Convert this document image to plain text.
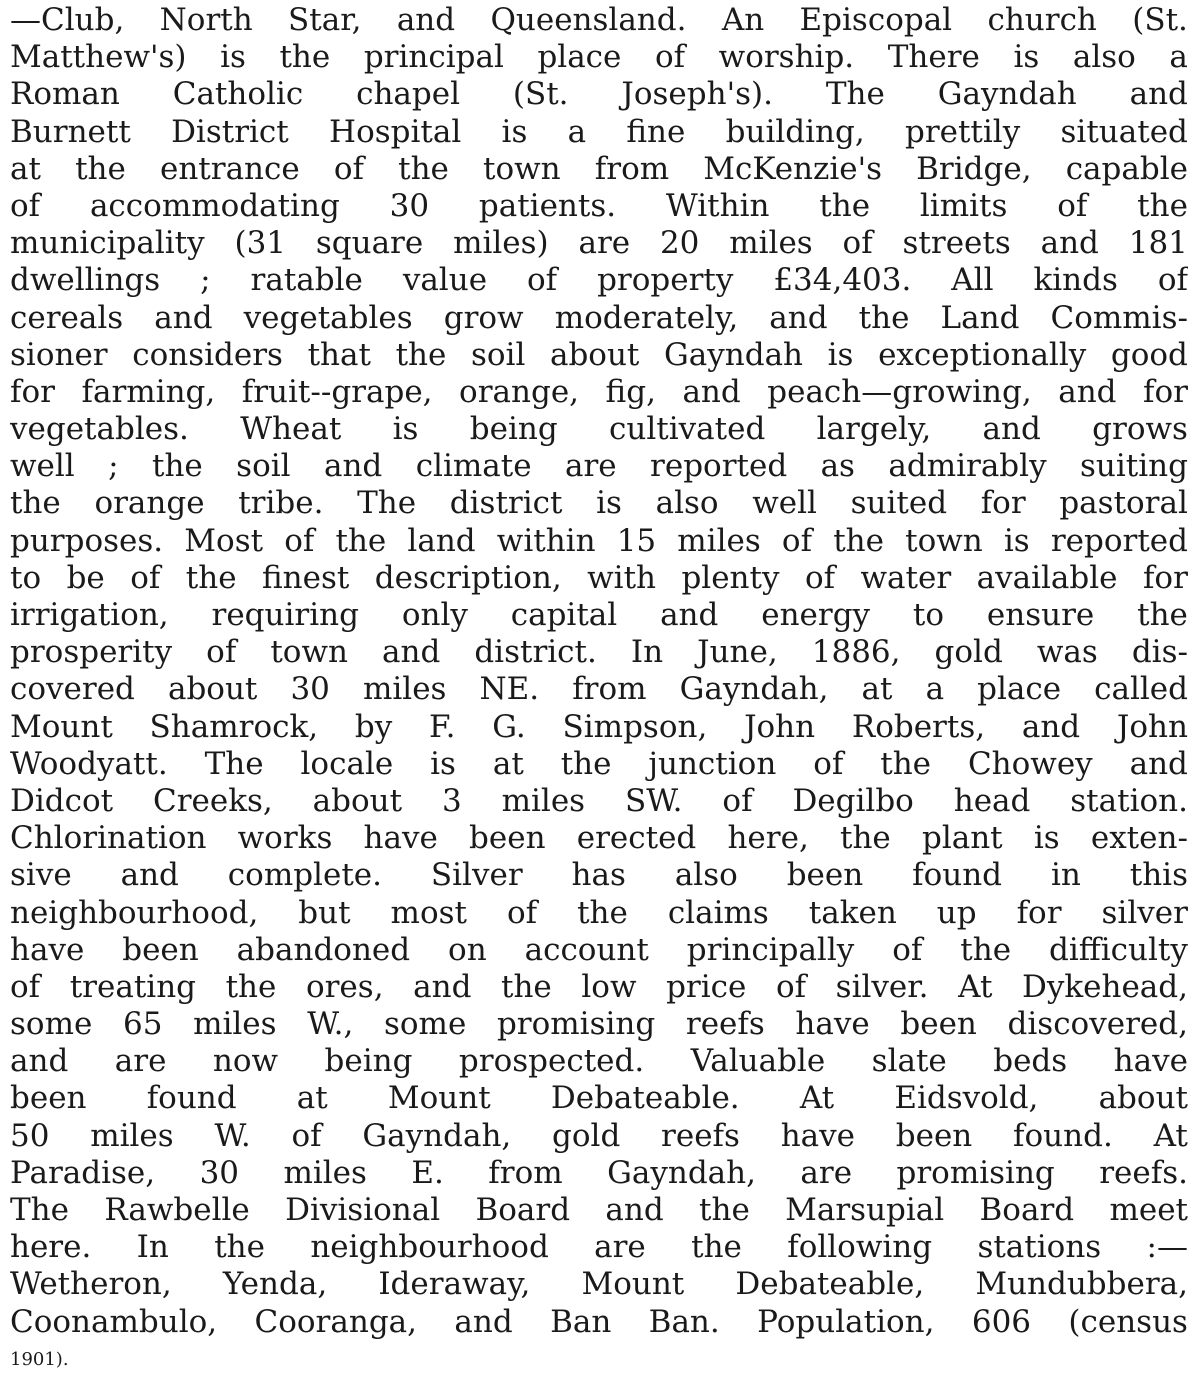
—Club, North Star, and Queensland. An Episcopal church (St.
Matthew's) is the principal place of worship. There is also a
Roman Catholic chapel (St. Joseph's). The Gayndah and
Burnett District Hospital is a fine building, prettily situated
at the entrance of the town from McKenzie's Bridge, capable
of accommodating 30 patients. Within the limits of the
municipality (31 square miles) are 20 miles of streets and 181
dwellings ; ratable value of property £34,403. All kinds of
cereals and vegetables grow moderately, and the Land Commis-
sioner considers that the soil about Gayndah is exceptionally good
for farming, fruit--grape, orange, fig, and peach—growing, and for
vegetables. Wheat is being cultivated largely, and grows
well ; the soil and climate are reported as admirably suiting
the orange tribe. The district is also well suited for pastoral
purposes. Most of the land within 15 miles of the town is reported
to be of the finest description, with plenty of water available for
irrigation, requiring only capital and energy to ensure the
prosperity of town and district. In June, 1886, gold was dis-
covered about 30 miles NE. from Gayndah, at a place called
Mount Shamrock, by F. G. Simpson, John Roberts, and John
Woodyatt. The locale is at the junction of the Chowey and
Didcot Creeks, about 3 miles SW. of Degilbo head station.
Chlorination works have been erected here, the plant is exten-
sive and complete. Silver has also been found in this
neighbourhood, but most of the claims taken up for silver
have been abandoned on account principally of the difficulty
of treating the ores, and the low price of silver. At Dykehead,
some 65 miles W., some promising reefs have been discovered,
and are now being prospected. Valuable slate beds have
been found at Mount Debateable. At Eidsvold, about
50 miles W. of Gayndah, gold reefs have been found. At
Paradise, 30 miles E. from Gayndah, are promising reefs.
The Rawbelle Divisional Board and the Marsupial Board meet
here. In the neighbourhood are the following stations :—
Wetheron, Yenda, Ideraway, Mount Debateable, Mundubbera,
Coonambulo, Cooranga, and Ban Ban. Population, 606 (census
1901).
